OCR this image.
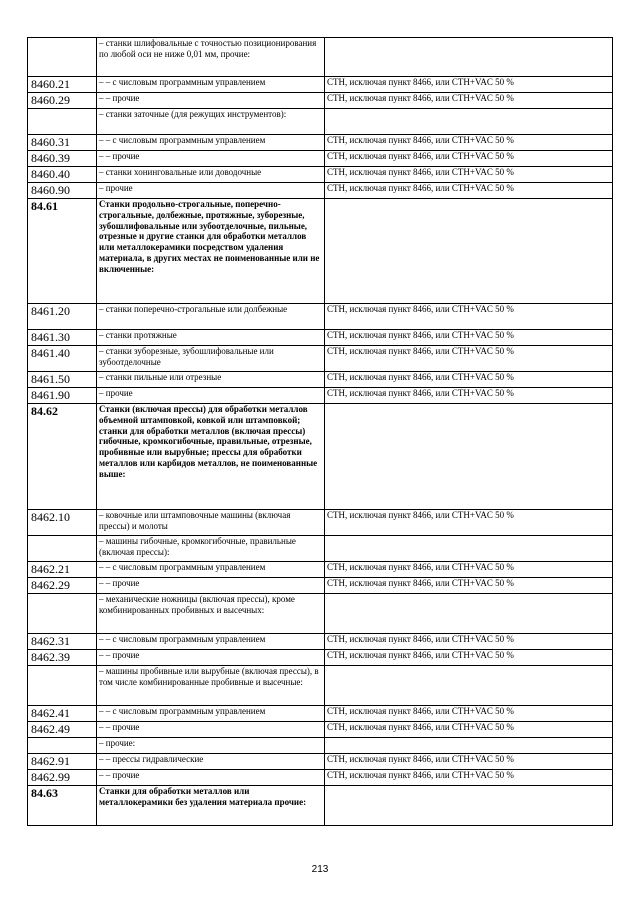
	– станки шлифовальные с точностью позиционирования по любой оси не ниже 0,01 мм, прочие:	
8460.21	– – с числовым программным управлением	СТН, исключая пункт 8466, или СТН+VAC 50 %
8460.29	– – прочие	СТН, исключая пункт 8466, или СТН+VAC 50 %
	– станки заточные (для режущих инструментов):	
8460.31	– – с числовым программным управлением	СТН, исключая пункт 8466, или СТН+VAC 50 %
8460.39	– – прочие	СТН, исключая пункт 8466, или СТН+VAC 50 %
8460.40	– станки хонинговальные или доводочные	СТН, исключая пункт 8466, или СТН+VAC 50 %
8460.90	– прочие	СТН, исключая пункт 8466, или СТН+VAC 50 %
84.61	Станки продольно-строгальные, поперечно-строгальные, долбежные, протяжные, зуборезные, зубошлифовальные или зубоотделочные, пильные, отрезные и другие станки для обработки металлов или металлокерамики посредством удаления материала, в других местах не поименованные или не включенные:	
8461.20	– станки поперечно-строгальные или долбежные	СТН, исключая пункт 8466, или СТН+VAC 50 %
8461.30	– станки протяжные	СТН, исключая пункт 8466, или СТН+VAC 50 %
8461.40	– станки зуборезные, зубошлифовальные или зубоотделочные	СТН, исключая пункт 8466, или СТН+VAC 50 %
8461.50	– станки пильные или отрезные	СТН, исключая пункт 8466, или СТН+VAC 50 %
8461.90	– прочие	СТН, исключая пункт 8466, или СТН+VAC 50 %
84.62	Станки (включая прессы) для обработки металлов объемной штамповкой, ковкой или штамповкой; станки для обработки металлов (включая прессы) гибочные, кромкогибочные, правильные, отрезные, пробивные или вырубные; прессы для обработки металлов или карбидов металлов, не поименованные выше:	
8462.10	– ковочные или штамповочные машины (включая прессы) и молоты	СТН, исключая пункт 8466, или СТН+VAC 50 %
	– машины гибочные, кромкогибочные, правильные (включая прессы):	
8462.21	– – с числовым программным управлением	СТН, исключая пункт 8466, или СТН+VAC 50 %
8462.29	– – прочие	СТН, исключая пункт 8466, или СТН+VAC 50 %
	– механические ножницы (включая прессы), кроме комбинированных пробивных и высечных:	
8462.31	– – с числовым программным управлением	СТН, исключая пункт 8466, или СТН+VAC 50 %
8462.39	– – прочие	СТН, исключая пункт 8466, или СТН+VAC 50 %
	– машины пробивные или вырубные (включая прессы), в том числе комбинированные пробивные и высечные:	
8462.41	– – с числовым программным управлением	СТН, исключая пункт 8466, или СТН+VAC 50 %
8462.49	– – прочие	СТН, исключая пункт 8466, или СТН+VAC 50 %
	– прочие:	
8462.91	– – прессы гидравлические	СТН, исключая пункт 8466, или СТН+VAC 50 %
8462.99	– – прочие	СТН, исключая пункт 8466, или СТН+VAC 50 %
84.63	Станки для обработки металлов или металлокерамики без удаления материала прочие:	
213
